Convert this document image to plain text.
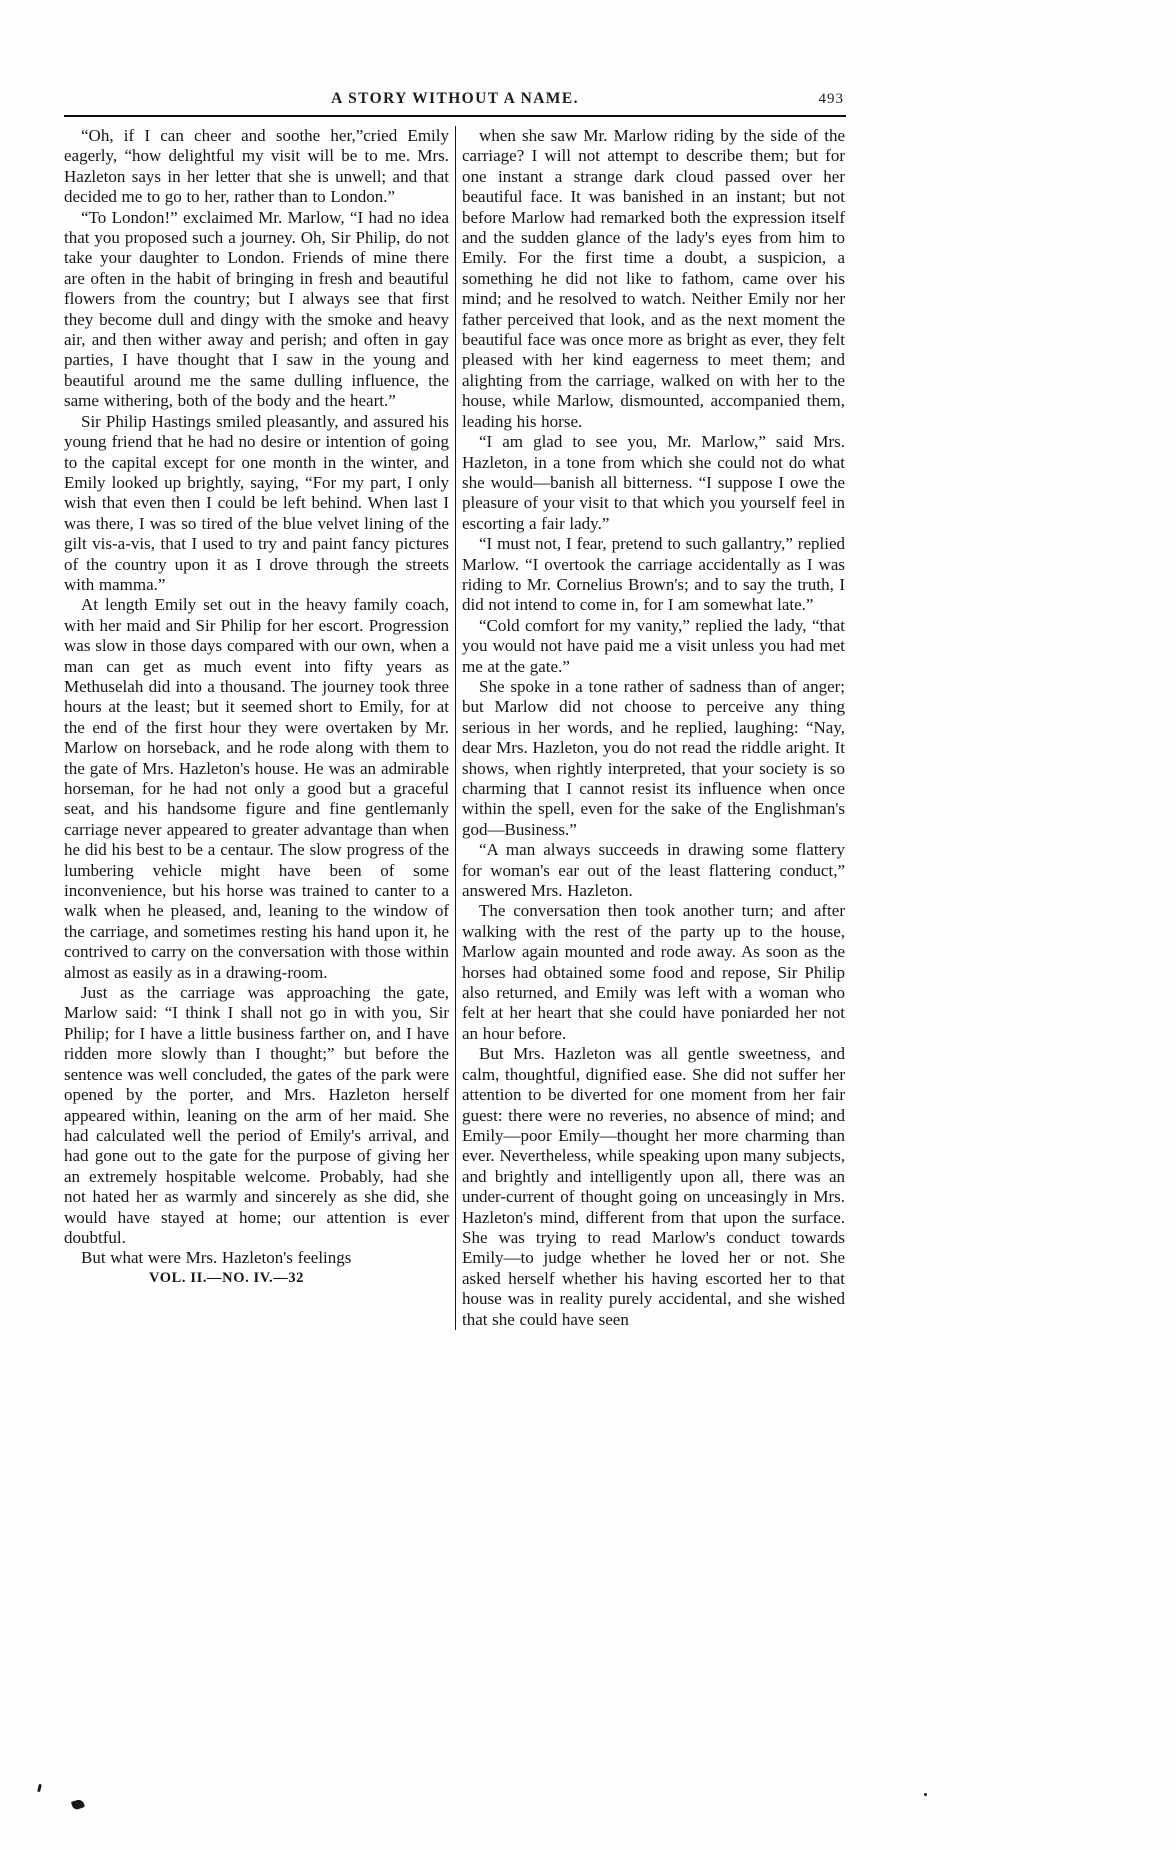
A STORY WITHOUT A NAME.	493

“Oh, if I can cheer and soothe her,”cried Emily eagerly, “how delightful my visit will be to me. Mrs. Hazleton says in her letter that she is unwell; and that decided me to go to her, rather than to London.”

“To London!” exclaimed Mr. Marlow, “I had no idea that you proposed such a journey. Oh, Sir Philip, do not take your daughter to London. Friends of mine there are often in the habit of bringing in fresh and beautiful flowers from the country; but I always see that first they become dull and dingy with the smoke and heavy air, and then wither away and perish; and often in gay parties, I have thought that I saw in the young and beautiful around me the same dulling influence, the same withering, both of the body and the heart.”

Sir Philip Hastings smiled pleasantly, and assured his young friend that he had no desire or intention of going to the capital except for one month in the winter, and Emily looked up brightly, saying, “For my part, I only wish that even then I could be left behind. When last I was there, I was so tired of the blue velvet lining of the gilt vis-a-vis, that I used to try and paint fancy pictures of the country upon it as I drove through the streets with mamma.”

At length Emily set out in the heavy family coach, with her maid and Sir Philip for her escort. Progression was slow in those days compared with our own, when a man can get as much event into fifty years as Methuselah did into a thousand. The journey took three hours at the least; but it seemed short to Emily, for at the end of the first hour they were overtaken by Mr. Marlow on horseback, and he rode along with them to the gate of Mrs. Hazleton's house. He was an admirable horseman, for he had not only a good but a graceful seat, and his handsome figure and fine gentlemanly carriage never appeared to greater advantage than when he did his best to be a centaur. The slow progress of the lumbering vehicle might have been of some inconvenience, but his horse was trained to canter to a walk when he pleased, and, leaning to the window of the carriage, and sometimes resting his hand upon it, he contrived to carry on the conversation with those within almost as easily as in a drawing-room.

Just as the carriage was approaching the gate, Marlow said: “I think I shall not go in with you, Sir Philip; for I have a little business farther on, and I have ridden more slowly than I thought;” but before the sentence was well concluded, the gates of the park were opened by the porter, and Mrs. Hazleton herself appeared within, leaning on the arm of her maid. She had calculated well the period of Emily's arrival, and had gone out to the gate for the purpose of giving her an extremely hospitable welcome. Probably, had she not hated her as warmly and sincerely as she did, she would have stayed at home; our attention is ever doubtful.

But what were Mrs. Hazleton's feelings

VOL. II.—NO. IV.—32

when she saw Mr. Marlow riding by the side of the carriage? I will not attempt to describe them; but for one instant a strange dark cloud passed over her beautiful face. It was banished in an instant; but not before Marlow had remarked both the expression itself and the sudden glance of the lady's eyes from him to Emily. For the first time a doubt, a suspicion, a something he did not like to fathom, came over his mind; and he resolved to watch. Neither Emily nor her father perceived that look, and as the next moment the beautiful face was once more as bright as ever, they felt pleased with her kind eagerness to meet them; and alighting from the carriage, walked on with her to the house, while Marlow, dismounted, accompanied them, leading his horse.

“I am glad to see you, Mr. Marlow,” said Mrs. Hazleton, in a tone from which she could not do what she would—banish all bitterness. “I suppose I owe the pleasure of your visit to that which you yourself feel in escorting a fair lady.”

“I must not, I fear, pretend to such gallantry,” replied Marlow. “I overtook the carriage accidentally as I was riding to Mr. Cornelius Brown's; and to say the truth, I did not intend to come in, for I am somewhat late.”

“Cold comfort for my vanity,” replied the lady, “that you would not have paid me a visit unless you had met me at the gate.”

She spoke in a tone rather of sadness than of anger; but Marlow did not choose to perceive any thing serious in her words, and he replied, laughing: “Nay, dear Mrs. Hazleton, you do not read the riddle aright. It shows, when rightly interpreted, that your society is so charming that I cannot resist its influence when once within the spell, even for the sake of the Englishman's god—Business.”

“A man always succeeds in drawing some flattery for woman's ear out of the least flattering conduct,” answered Mrs. Hazleton.

The conversation then took another turn; and after walking with the rest of the party up to the house, Marlow again mounted and rode away. As soon as the horses had obtained some food and repose, Sir Philip also returned, and Emily was left with a woman who felt at her heart that she could have poniarded her not an hour before.

But Mrs. Hazleton was all gentle sweetness, and calm, thoughtful, dignified ease. She did not suffer her attention to be diverted for one moment from her fair guest: there were no reveries, no absence of mind; and Emily—poor Emily—thought her more charming than ever. Nevertheless, while speaking upon many subjects, and brightly and intelligently upon all, there was an under-current of thought going on unceasingly in Mrs. Hazleton's mind, different from that upon the surface. She was trying to read Marlow's conduct towards Emily—to judge whether he loved her or not. She asked herself whether his having escorted her to that house was in reality purely accidental, and she wished that she could have seen
